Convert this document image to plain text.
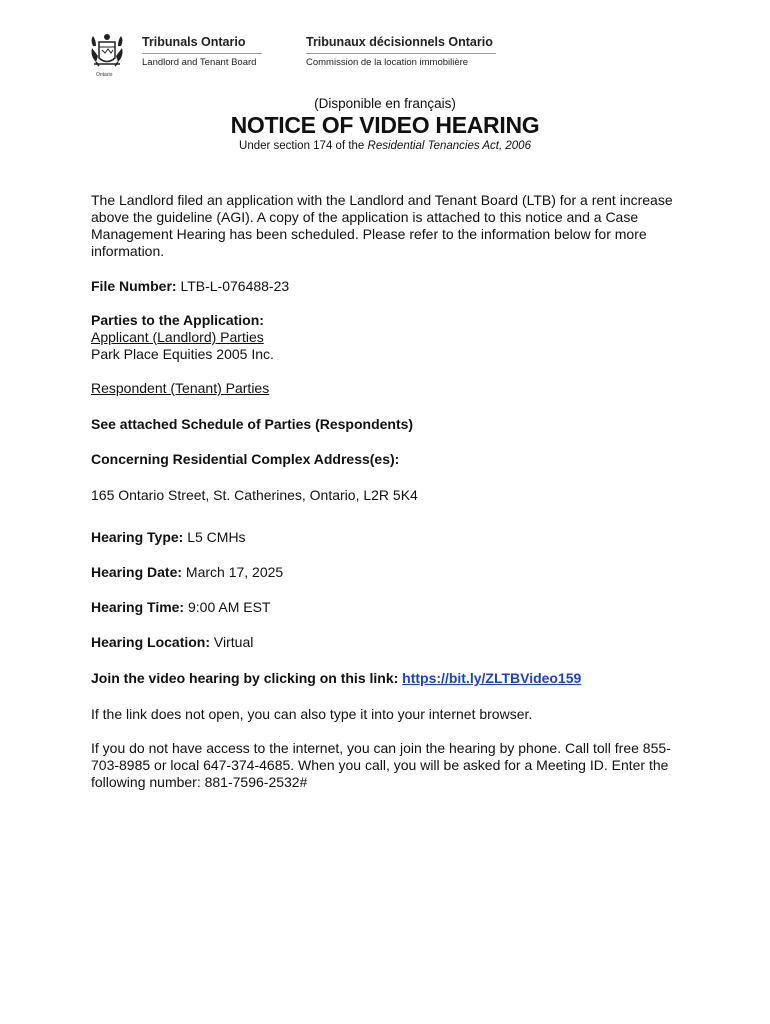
Ontario
Tribunals Ontario
Landlord and Tenant Board
Tribunaux décisionnels Ontario
Commission de la location immobilière
(Disponible en français)
NOTICE OF VIDEO HEARING
Under section 174 of the Residential Tenancies Act, 2006

The Landlord filed an application with the Landlord and Tenant Board (LTB) for a rent increase above the guideline (AGI). A copy of the application is attached to this notice and a Case Management Hearing has been scheduled. Please refer to the information below for more information.

File Number: LTB-L-076488-23

Parties to the Application:

Applicant (Landlord) Parties

Park Place Equities 2005 Inc.

Respondent (Tenant) Parties

See attached Schedule of Parties (Respondents)
Concerning Residential Complex Address(es):
165 Ontario Street, St. Catherines, Ontario, L2R 5K4
Hearing Type: L5 CMHs
Hearing Date: March 17, 2025
Hearing Time: 9:00 AM EST
Hearing Location: Virtual
Join the video hearing by clicking on this link: https://bit.ly/ZLTBVideo159

If the link does not open, you can also type it into your internet browser.

If you do not have access to the internet, you can join the hearing by phone. Call toll free 855-703-8985 or local 647-374-4685. When you call, you will be asked for a Meeting ID. Enter the following number: 881-7596-2532#
